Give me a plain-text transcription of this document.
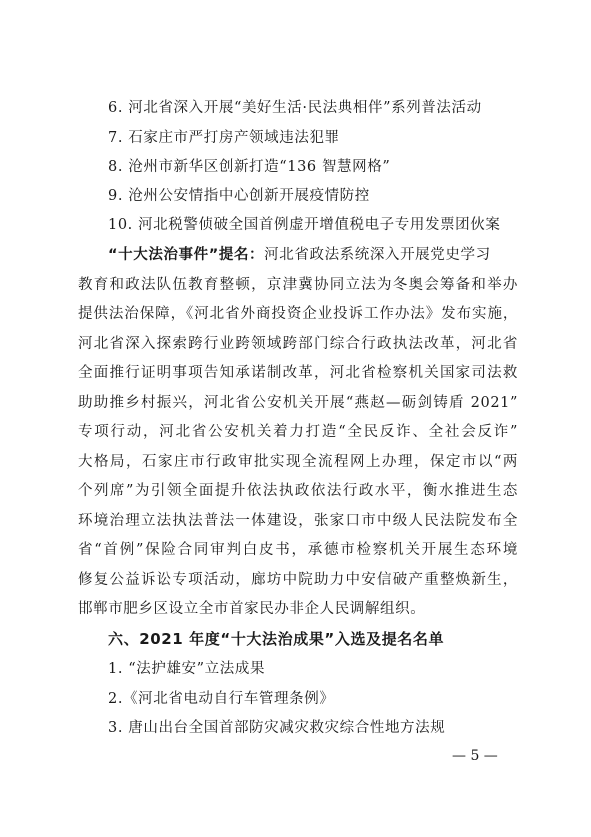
6. 河北省深入开展“美好生活·民法典相伴”系列普法活动
7. 石家庄市严打房产领域违法犯罪
8. 沧州市新华区创新打造“136 智慧网格”
9. 沧州公安情指中心创新开展疫情防控
10. 河北税警侦破全国首例虚开增值税电子专用发票团伙案
“十大法治事件”提名：河北省政法系统深入开展党史学习
教育和政法队伍教育整顿，京津冀协同立法为冬奥会筹备和举办
提供法治保障，《河北省外商投资企业投诉工作办法》发布实施，
河北省深入探索跨行业跨领域跨部门综合行政执法改革，河北省
全面推行证明事项告知承诺制改革，河北省检察机关国家司法救
助助推乡村振兴，河北省公安机关开展“燕赵—砺剑铸盾 2021”
专项行动，河北省公安机关着力打造“全民反诈、全社会反诈”
大格局，石家庄市行政审批实现全流程网上办理，保定市以“两
个列席”为引领全面提升依法执政依法行政水平，衡水推进生态
环境治理立法执法普法一体建设，张家口市中级人民法院发布全
省“首例”保险合同审判白皮书，承德市检察机关开展生态环境
修复公益诉讼专项活动，廊坊中院助力中安信破产重整焕新生，
邯郸市肥乡区设立全市首家民办非企人民调解组织。
六、2021 年度“十大法治成果”入选及提名名单
1. “法护雄安”立法成果
2.《河北省电动自行车管理条例》
3. 唐山出台全国首部防灾减灾救灾综合性地方法规
— 5 —
